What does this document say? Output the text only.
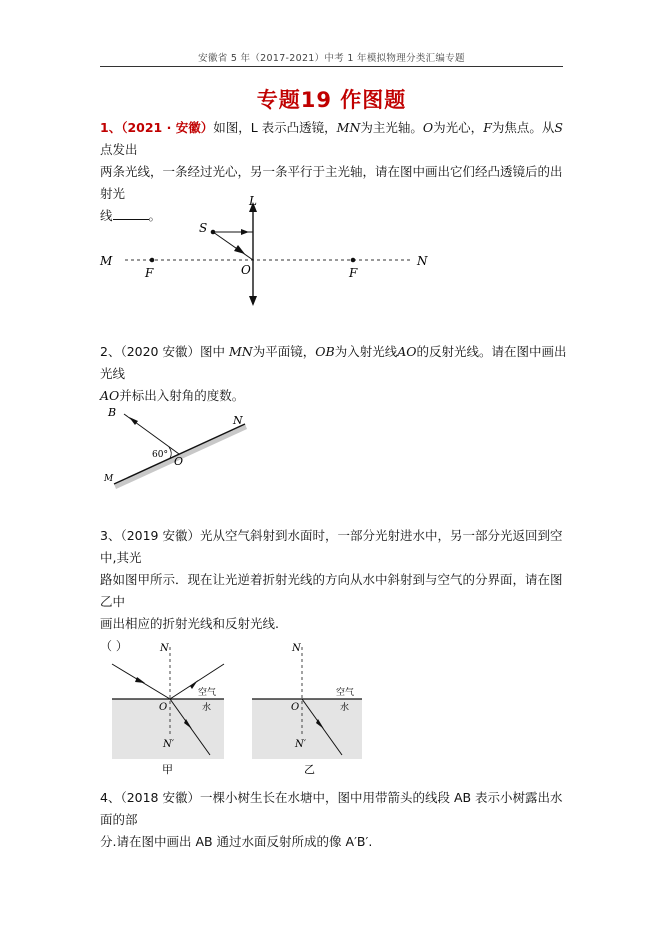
安徽省 5 年（2017-2021）中考 1 年模拟物理分类汇编专题
专题19 作图题
1、（2021 · 安徽）如图，L 表示凸透镜，MN为主光轴。O为光心，F为焦点。从S点发出
两条光线，一条经过光心，另一条平行于主光轴，请在图中画出它们经凸透镜后的出射光
线	。
L
S
M	N
F	O	F
2、（2020 安徽）图中 MN为平面镜，OB为入射光线AO的反射光线。请在图中画出光线
AO并标出入射角的度数。
60°
B
N
O
M
3、（2019 安徽）光从空气斜射到水面时，一部分光射进水中，另一部分光返回到空中,其光
路如图甲所示．现在让光逆着折射光线的方向从水中斜射到与空气的分界面，请在图乙中
画出相应的折射光线和反射光线.
（ ）	N
空气
O	水
N′
甲
N
空气
O	水
N′
乙
4、（2018 安徽）一棵小树生长在水塘中，图中用带箭头的线段 AB 表示小树露出水面的部
分.请在图中画出 AB 通过水面反射所成的像 A′B′.
